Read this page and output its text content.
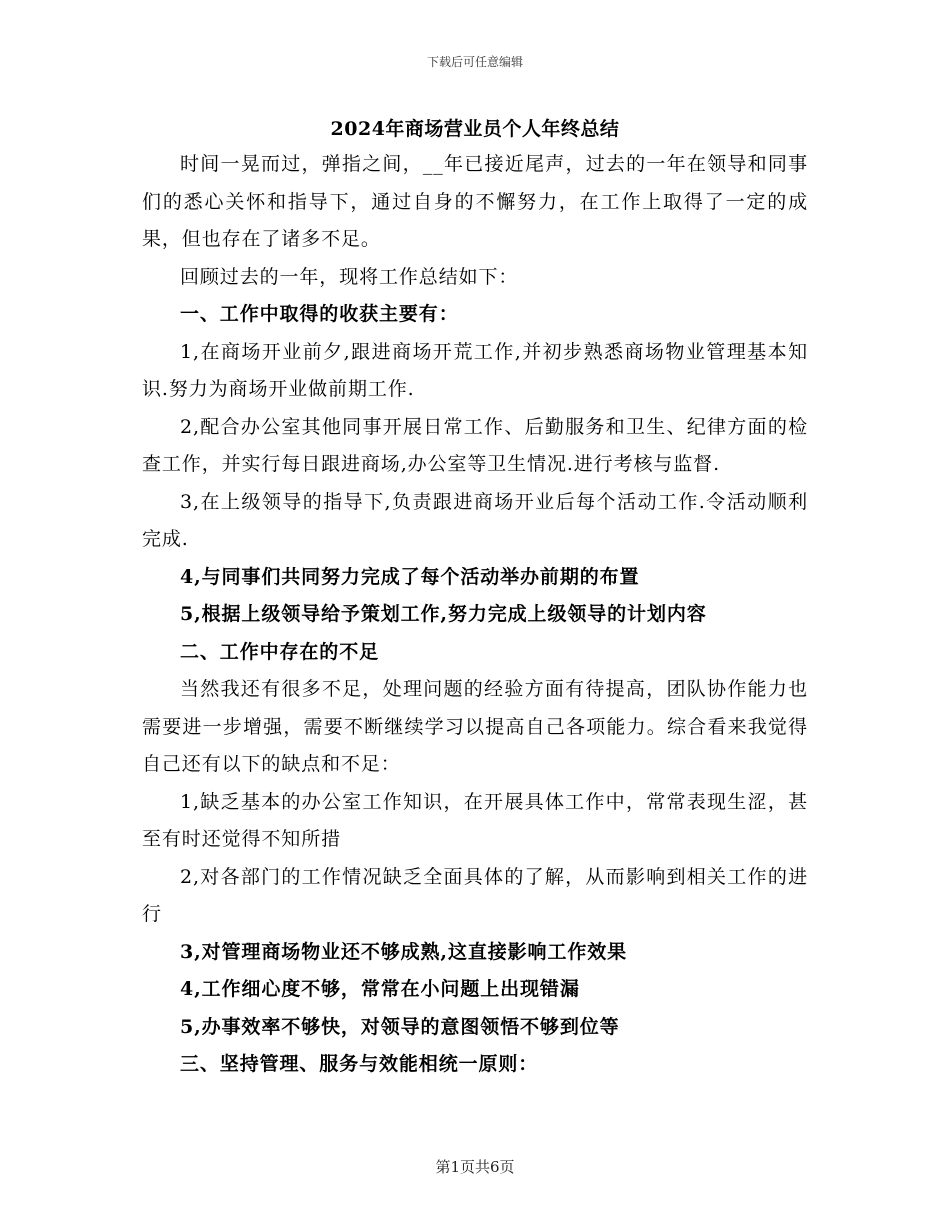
下载后可任意编辑
2024年商场营业员个人年终总结

时间一晃而过，弹指之间，__年已接近尾声，过去的一年在领导和同事们的悉心关怀和指导下，通过自身的不懈努力，在工作上取得了一定的成果，但也存在了诸多不足。

回顾过去的一年，现将工作总结如下：

一、工作中取得的收获主要有：

1,在商场开业前夕,跟进商场开荒工作,并初步熟悉商场物业管理基本知识.努力为商场开业做前期工作.

2,配合办公室其他同事开展日常工作、后勤服务和卫生、纪律方面的检查工作，并实行每日跟进商场,办公室等卫生情况.进行考核与监督.

3,在上级领导的指导下,负责跟进商场开业后每个活动工作.令活动顺利完成.

4,与同事们共同努力完成了每个活动举办前期的布置

5,根据上级领导给予策划工作,努力完成上级领导的计划内容

二、工作中存在的不足

当然我还有很多不足，处理问题的经验方面有待提高，团队协作能力也需要进一步增强，需要不断继续学习以提高自己各项能力。综合看来我觉得自己还有以下的缺点和不足：

1,缺乏基本的办公室工作知识，在开展具体工作中，常常表现生涩，甚至有时还觉得不知所措

2,对各部门的工作情况缺乏全面具体的了解，从而影响到相关工作的进行

3,对管理商场物业还不够成熟,这直接影响工作效果

4,工作细心度不够，常常在小问题上出现错漏

5,办事效率不够快，对领导的意图领悟不够到位等

三、坚持管理、服务与效能相统一原则：

第1页共6页
